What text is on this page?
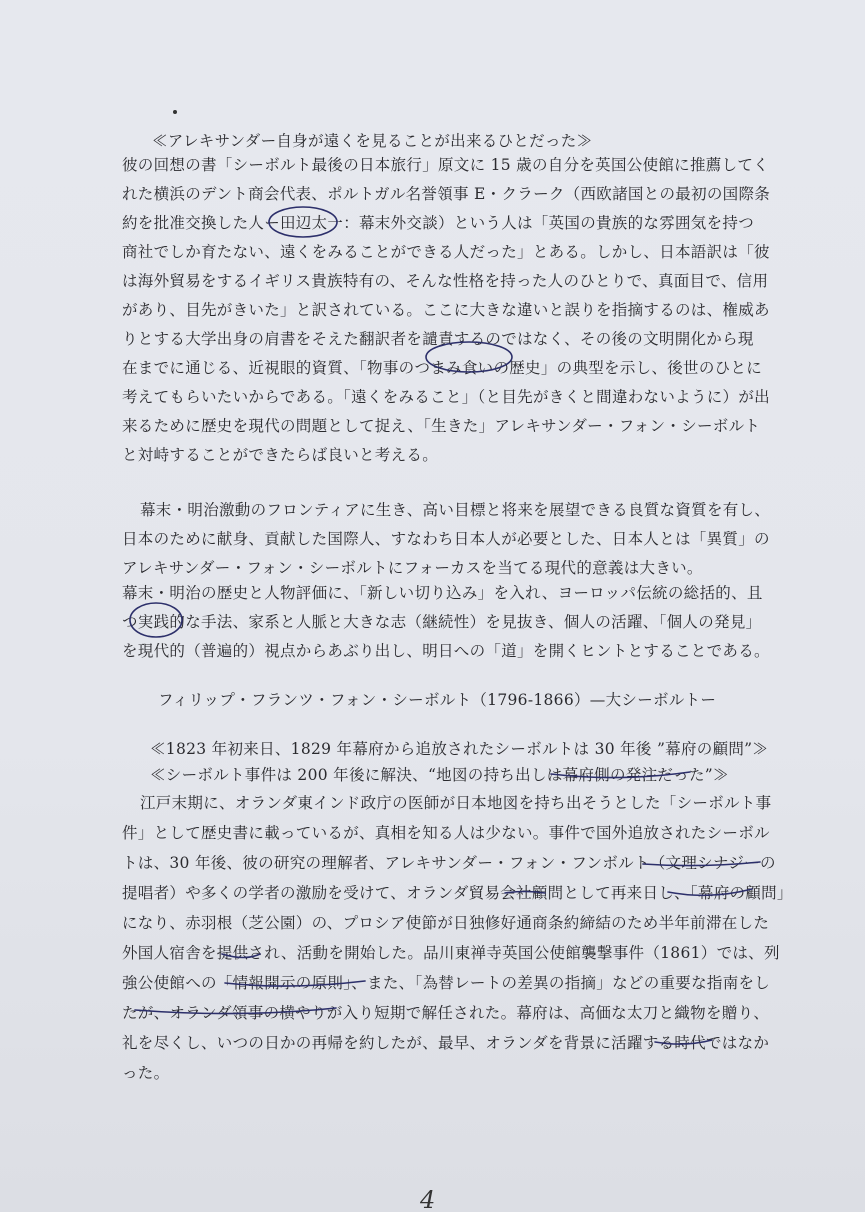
≪アレキサンダー自身が遠くを見ることが出来るひとだった≫
彼の回想の書「シーボルト最後の日本旅行」原文に 15 歳の自分を英国公使館に推薦してく
れた横浜のデント商会代表、ポルトガル名誉領事 E・クラーク（西欧諸国との最初の国際条
約を批准交換した人ー田辺太一：幕末外交談）という人は「英国の貴族的な雰囲気を持つ
商社でしか育たない、遠くをみることができる人だった」とある。しかし、日本語訳は「彼
は海外貿易をするイギリス貴族特有の、そんな性格を持った人のひとりで、真面目で、信用
があり、目先がきいた」と訳されている。ここに大きな違いと誤りを指摘するのは、権威あ
りとする大学出身の肩書をそえた翻訳者を譴責するのではなく、その後の文明開化から現
在までに通じる、近視眼的資質、「物事のつまみ食いの歴史」の典型を示し、後世のひとに
考えてもらいたいからである。「遠くをみること」（と目先がきくと間違わないように）が出
来るために歴史を現代の問題として捉え、「生きた」アレキサンダー・フォン・シーボルト
と対峙することができたらば良いと考える。
幕末・明治激動のフロンティアに生き、高い目標と将来を展望できる良質な資質を有し、
日本のために献身、貢献した国際人、すなわち日本人が必要とした、日本人とは「異質」の
アレキサンダー・フォン・シーボルトにフォーカスを当てる現代的意義は大きい。
幕末・明治の歴史と人物評価に、「新しい切り込み」を入れ、ヨーロッパ伝統の総括的、且
つ実践的な手法、家系と人脈と大きな志（継続性）を見抜き、個人の活躍、「個人の発見」
を現代的（普遍的）視点からあぶり出し、明日への「道」を開くヒントとすることである。
フィリップ・フランツ・フォン・シーボルト（1796-1866）—大シーボルトー
≪1823 年初来日、1829 年幕府から追放されたシーボルトは 30 年後 ”幕府の顧問”≫
≪シーボルト事件は 200 年後に解決、“地図の持ち出しは幕府側の発注だった”≫
江戸末期に、オランダ東インド政庁の医師が日本地図を持ち出そうとした「シーボルト事
件」として歴史書に載っているが、真相を知る人は少ない。事件で国外追放されたシーボル
トは、30 年後、彼の研究の理解者、アレキサンダー・フォン・フンボルト（文理シナジーの
提唱者）や多くの学者の激励を受けて、オランダ貿易会社顧問として再来日し、「幕府の顧問」
になり、赤羽根（芝公園）の、プロシア使節が日独修好通商条約締結のため半年前滞在した
外国人宿舎を提供され、活動を開始した。品川東禅寺英国公使館襲撃事件（1861）では、列
強公使館への「情報開示の原則」、また、「為替レートの差異の指摘」などの重要な指南をし
たが、オランダ領事の横やりが入り短期で解任された。幕府は、高価な太刀と織物を贈り、
礼を尽くし、いつの日かの再帰を約したが、最早、オランダを背景に活躍する時代ではなか
った。
4
